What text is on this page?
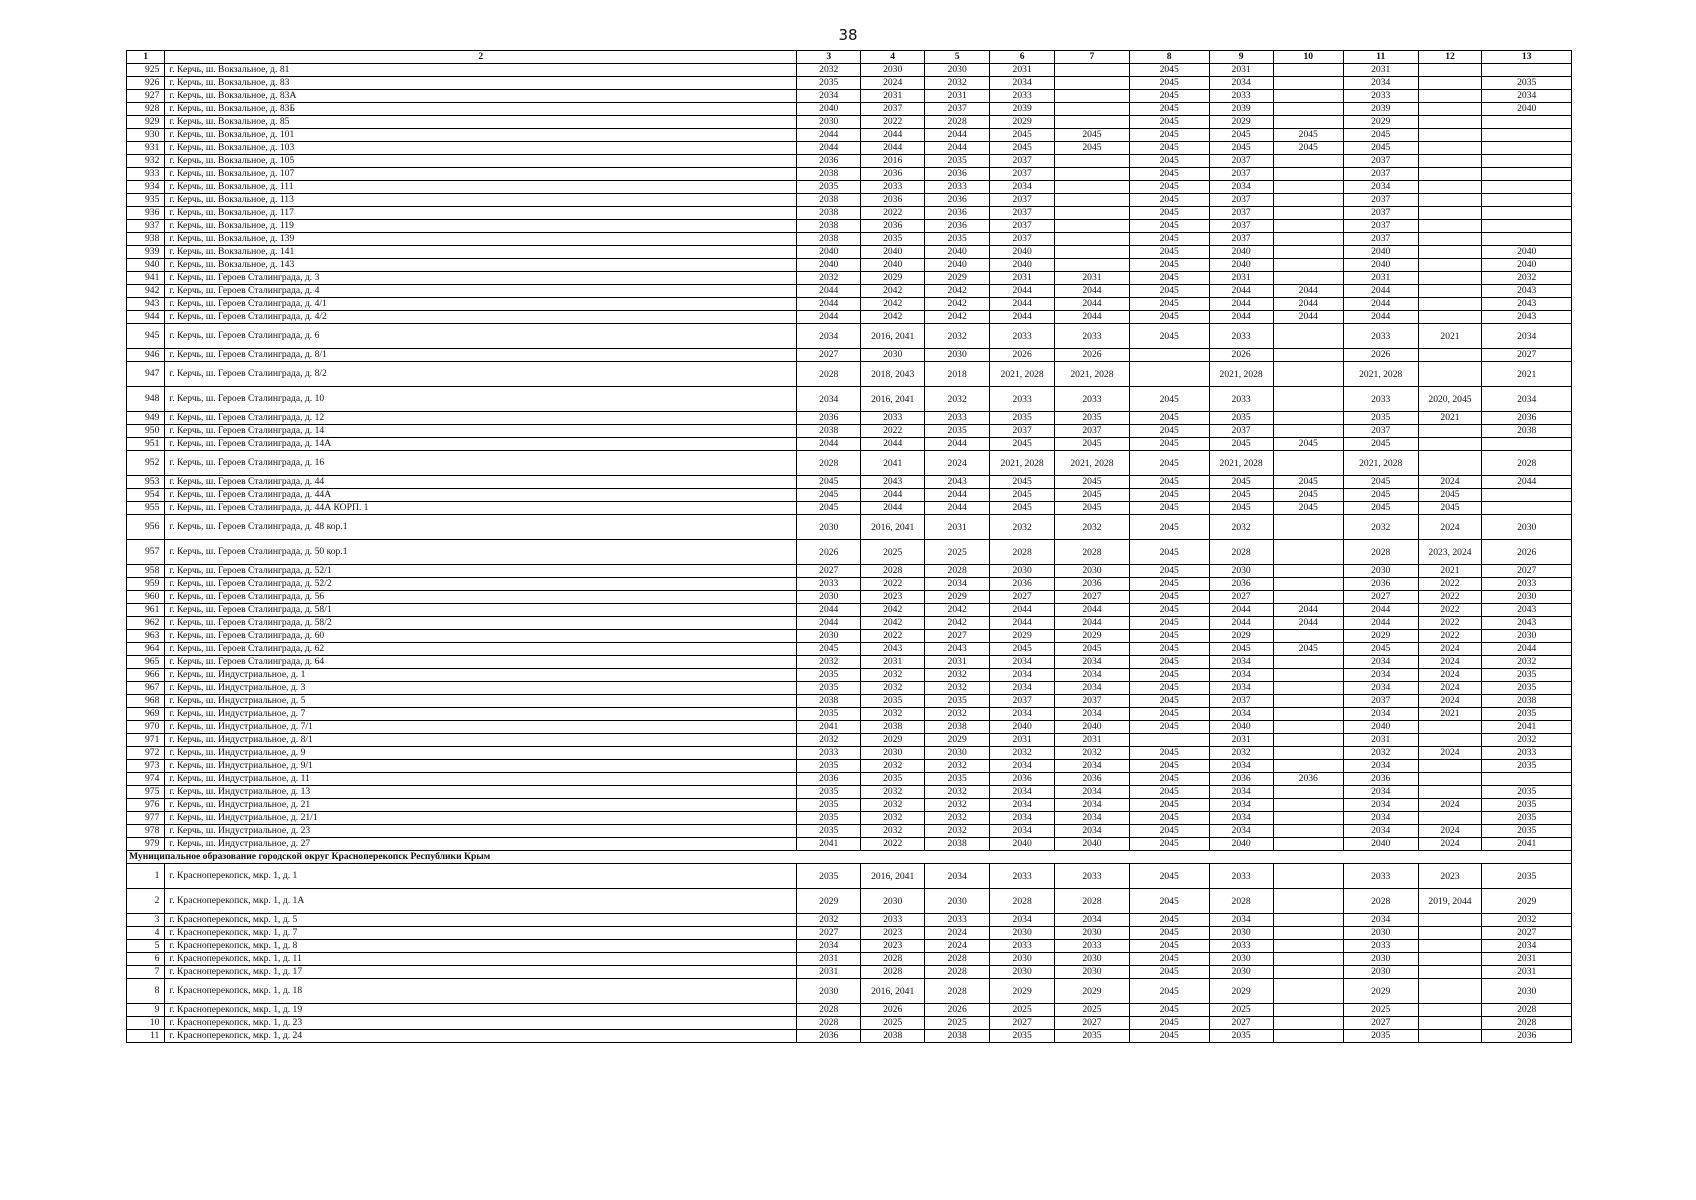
38
1	2	3	4	5	6	7	8	9	10	11	12	13
925	г. Керчь, ш. Вокзальное, д. 81	2032	2030	2030	2031		2045	2031		2031		
926	г. Керчь, ш. Вокзальное, д. 83	2035	2024	2032	2034		2045	2034		2034		2035
927	г. Керчь, ш. Вокзальное, д. 83А	2034	2031	2031	2033		2045	2033		2033		2034
928	г. Керчь, ш. Вокзальное, д. 83Б	2040	2037	2037	2039		2045	2039		2039		2040
929	г. Керчь, ш. Вокзальное, д. 85	2030	2022	2028	2029		2045	2029		2029		
930	г. Керчь, ш. Вокзальное, д. 101	2044	2044	2044	2045	2045	2045	2045	2045	2045		
931	г. Керчь, ш. Вокзальное, д. 103	2044	2044	2044	2045	2045	2045	2045	2045	2045		
932	г. Керчь, ш. Вокзальное, д. 105	2036	2016	2035	2037		2045	2037		2037		
933	г. Керчь, ш. Вокзальное, д. 107	2038	2036	2036	2037		2045	2037		2037		
934	г. Керчь, ш. Вокзальное, д. 111	2035	2033	2033	2034		2045	2034		2034		
935	г. Керчь, ш. Вокзальное, д. 113	2038	2036	2036	2037		2045	2037		2037		
936	г. Керчь, ш. Вокзальное, д. 117	2038	2022	2036	2037		2045	2037		2037		
937	г. Керчь, ш. Вокзальное, д. 119	2038	2036	2036	2037		2045	2037		2037		
938	г. Керчь, ш. Вокзальное, д. 139	2038	2035	2035	2037		2045	2037		2037		
939	г. Керчь, ш. Вокзальное, д. 141	2040	2040	2040	2040		2045	2040		2040		2040
940	г. Керчь, ш. Вокзальное, д. 143	2040	2040	2040	2040		2045	2040		2040		2040
941	г. Керчь, ш. Героев Сталинграда, д. 3	2032	2029	2029	2031	2031	2045	2031		2031		2032
942	г. Керчь, ш. Героев Сталинграда, д. 4	2044	2042	2042	2044	2044	2045	2044	2044	2044		2043
943	г. Керчь, ш. Героев Сталинграда, д. 4/1	2044	2042	2042	2044	2044	2045	2044	2044	2044		2043
944	г. Керчь, ш. Героев Сталинграда, д. 4/2	2044	2042	2042	2044	2044	2045	2044	2044	2044		2043
945	г. Керчь, ш. Героев Сталинграда, д. 6	2034	2016, 2041	2032	2033	2033	2045	2033		2033	2021	2034
946	г. Керчь, ш. Героев Сталинграда, д. 8/1	2027	2030	2030	2026	2026		2026		2026		2027
947	г. Керчь, ш. Героев Сталинграда, д. 8/2	2028	2018, 2043	2018	2021, 2028	2021, 2028		2021, 2028		2021, 2028		2021
948	г. Керчь, ш. Героев Сталинграда, д. 10	2034	2016, 2041	2032	2033	2033	2045	2033		2033	2020, 2045	2034
949	г. Керчь, ш. Героев Сталинграда, д. 12	2036	2033	2033	2035	2035	2045	2035		2035	2021	2036
950	г. Керчь, ш. Героев Сталинграда, д. 14	2038	2022	2035	2037	2037	2045	2037		2037		2038
951	г. Керчь, ш. Героев Сталинграда, д. 14А	2044	2044	2044	2045	2045	2045	2045	2045	2045		
952	г. Керчь, ш. Героев Сталинграда, д. 16	2028	2041	2024	2021, 2028	2021, 2028	2045	2021, 2028		2021, 2028		2028
953	г. Керчь, ш. Героев Сталинграда, д. 44	2045	2043	2043	2045	2045	2045	2045	2045	2045	2024	2044
954	г. Керчь, ш. Героев Сталинграда, д. 44А	2045	2044	2044	2045	2045	2045	2045	2045	2045	2045	
955	г. Керчь, ш. Героев Сталинграда, д. 44А КОРП. 1	2045	2044	2044	2045	2045	2045	2045	2045	2045	2045	
956	г. Керчь, ш. Героев Сталинграда, д. 48 кор.1	2030	2016, 2041	2031	2032	2032	2045	2032		2032	2024	2030
957	г. Керчь, ш. Героев Сталинграда, д. 50 кор.1	2026	2025	2025	2028	2028	2045	2028		2028	2023, 2024	2026
958	г. Керчь, ш. Героев Сталинграда, д. 52/1	2027	2028	2028	2030	2030	2045	2030		2030	2021	2027
959	г. Керчь, ш. Героев Сталинграда, д. 52/2	2033	2022	2034	2036	2036	2045	2036		2036	2022	2033
960	г. Керчь, ш. Героев Сталинграда, д. 56	2030	2023	2029	2027	2027	2045	2027		2027	2022	2030
961	г. Керчь, ш. Героев Сталинграда, д. 58/1	2044	2042	2042	2044	2044	2045	2044	2044	2044	2022	2043
962	г. Керчь, ш. Героев Сталинграда, д. 58/2	2044	2042	2042	2044	2044	2045	2044	2044	2044	2022	2043
963	г. Керчь, ш. Героев Сталинграда, д. 60	2030	2022	2027	2029	2029	2045	2029		2029	2022	2030
964	г. Керчь, ш. Героев Сталинграда, д. 62	2045	2043	2043	2045	2045	2045	2045	2045	2045	2024	2044
965	г. Керчь, ш. Героев Сталинграда, д. 64	2032	2031	2031	2034	2034	2045	2034		2034	2024	2032
966	г. Керчь, ш. Индустриальное, д. 1	2035	2032	2032	2034	2034	2045	2034		2034	2024	2035
967	г. Керчь, ш. Индустриальное, д. 3	2035	2032	2032	2034	2034	2045	2034		2034	2024	2035
968	г. Керчь, ш. Индустриальное, д. 5	2038	2035	2035	2037	2037	2045	2037		2037	2024	2038
969	г. Керчь, ш. Индустриальное, д. 7	2035	2032	2032	2034	2034	2045	2034		2034	2021	2035
970	г. Керчь, ш. Индустриальное, д. 7/1	2041	2038	2038	2040	2040	2045	2040		2040		2041
971	г. Керчь, ш. Индустриальное, д. 8/1	2032	2029	2029	2031	2031		2031		2031		2032
972	г. Керчь, ш. Индустриальное, д. 9	2033	2030	2030	2032	2032	2045	2032		2032	2024	2033
973	г. Керчь, ш. Индустриальное, д. 9/1	2035	2032	2032	2034	2034	2045	2034		2034		2035
974	г. Керчь, ш. Индустриальное, д. 11	2036	2035	2035	2036	2036	2045	2036	2036	2036		
975	г. Керчь, ш. Индустриальное, д. 13	2035	2032	2032	2034	2034	2045	2034		2034		2035
976	г. Керчь, ш. Индустриальное, д. 21	2035	2032	2032	2034	2034	2045	2034		2034	2024	2035
977	г. Керчь, ш. Индустриальное, д. 21/1	2035	2032	2032	2034	2034	2045	2034		2034		2035
978	г. Керчь, ш. Индустриальное, д. 23	2035	2032	2032	2034	2034	2045	2034		2034	2024	2035
979	г. Керчь, ш. Индустриальное, д. 27	2041	2022	2038	2040	2040	2045	2040		2040	2024	2041
Муниципальное образование городской округ Красноперекопск Республики Крым												
1	г. Красноперекопск, мкр. 1, д. 1	2035	2016, 2041	2034	2033	2033	2045	2033		2033	2023	2035
2	г. Красноперекопск, мкр. 1, д. 1А	2029	2030	2030	2028	2028	2045	2028		2028	2019, 2044	2029
3	г. Красноперекопск, мкр. 1, д. 5	2032	2033	2033	2034	2034	2045	2034		2034		2032
4	г. Красноперекопск, мкр. 1, д. 7	2027	2023	2024	2030	2030	2045	2030		2030		2027
5	г. Красноперекопск, мкр. 1, д. 8	2034	2023	2024	2033	2033	2045	2033		2033		2034
6	г. Красноперекопск, мкр. 1, д. 11	2031	2028	2028	2030	2030	2045	2030		2030		2031
7	г. Красноперекопск, мкр. 1, д. 17	2031	2028	2028	2030	2030	2045	2030		2030		2031
8	г. Красноперекопск, мкр. 1, д. 18	2030	2016, 2041	2028	2029	2029	2045	2029		2029		2030
9	г. Красноперекопск, мкр. 1, д. 19	2028	2026	2026	2025	2025	2045	2025		2025		2028
10	г. Красноперекопск, мкр. 1, д. 23	2028	2025	2025	2027	2027	2045	2027		2027		2028
11	г. Красноперекопск, мкр. 1, д. 24	2036	2038	2038	2035	2035	2045	2035		2035		2036
